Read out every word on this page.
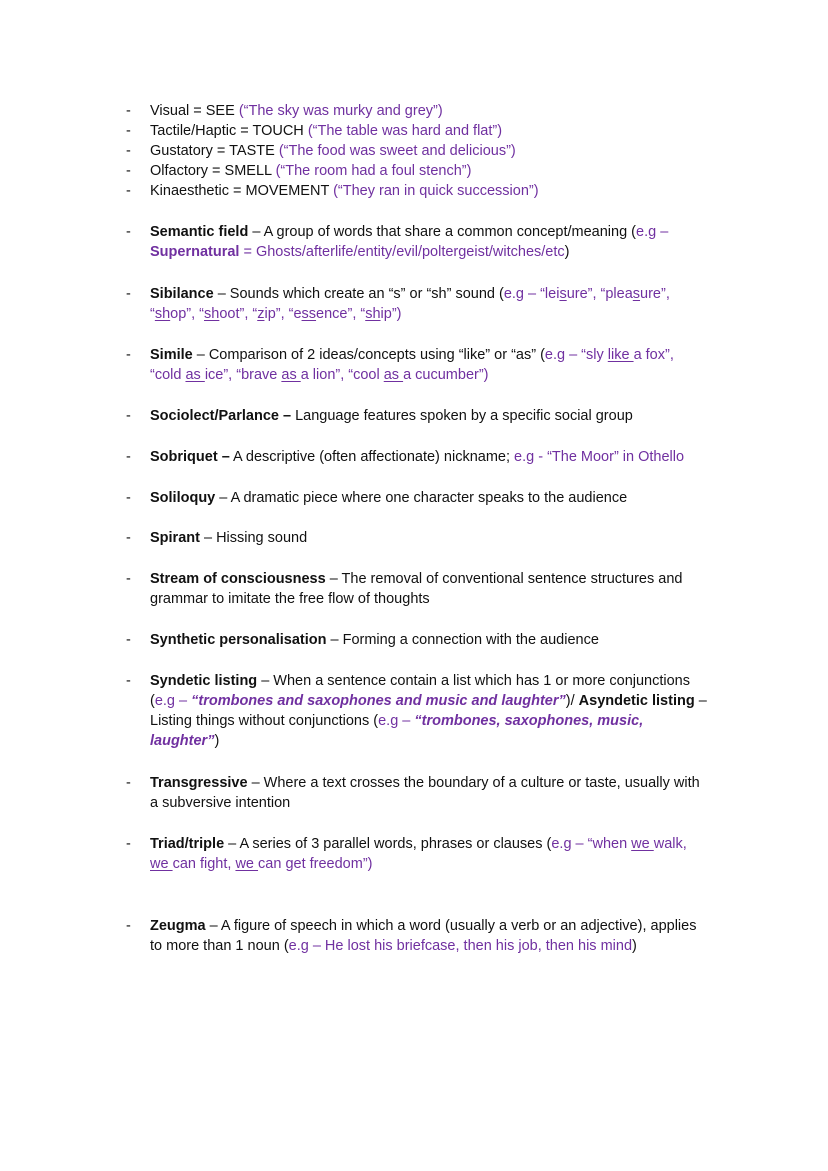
- Visual = SEE (“The sky was murky and grey”)
- Tactile/Haptic = TOUCH (“The table was hard and flat”)
- Gustatory = TASTE (“The food was sweet and delicious”)
- Olfactory = SMELL (“The room had a foul stench”)
- Kinaesthetic = MOVEMENT (“They ran in quick succession”)
- Semantic field – A group of words that share a common concept/meaning (e.g –
Supernatural = Ghosts/afterlife/entity/evil/poltergeist/witches/etc)
- Sibilance – Sounds which create an “s” or “sh” sound (e.g – “leisure”, “pleasure”,
“shop”, “shoot”, “zip”, “essence”, “ship”)
- Simile – Comparison of 2 ideas/concepts using “like” or “as” (e.g – “sly like a fox”,
“cold as ice”, “brave as a lion”, “cool as a cucumber”)
- Sociolect/Parlance – Language features spoken by a specific social group
- Sobriquet – A descriptive (often affectionate) nickname; e.g - “The Moor” in Othello
- Soliloquy – A dramatic piece where one character speaks to the audience
- Spirant – Hissing sound
- Stream of consciousness – The removal of conventional sentence structures and
grammar to imitate the free flow of thoughts
- Synthetic personalisation – Forming a connection with the audience
- Syndetic listing – When a sentence contain a list which has 1 or more conjunctions
(e.g – “trombones and saxophones and music and laughter”)/ Asyndetic listing –
Listing things without conjunctions (e.g – “trombones, saxophones, music,
laughter”)
- Transgressive – Where a text crosses the boundary of a culture or taste, usually with
a subversive intention
- Triad/triple – A series of 3 parallel words, phrases or clauses (e.g – “when we walk,
we can fight, we can get freedom”)
- Zeugma – A figure of speech in which a word (usually a verb or an adjective), applies
to more than 1 noun (e.g – He lost his briefcase, then his job, then his mind)
